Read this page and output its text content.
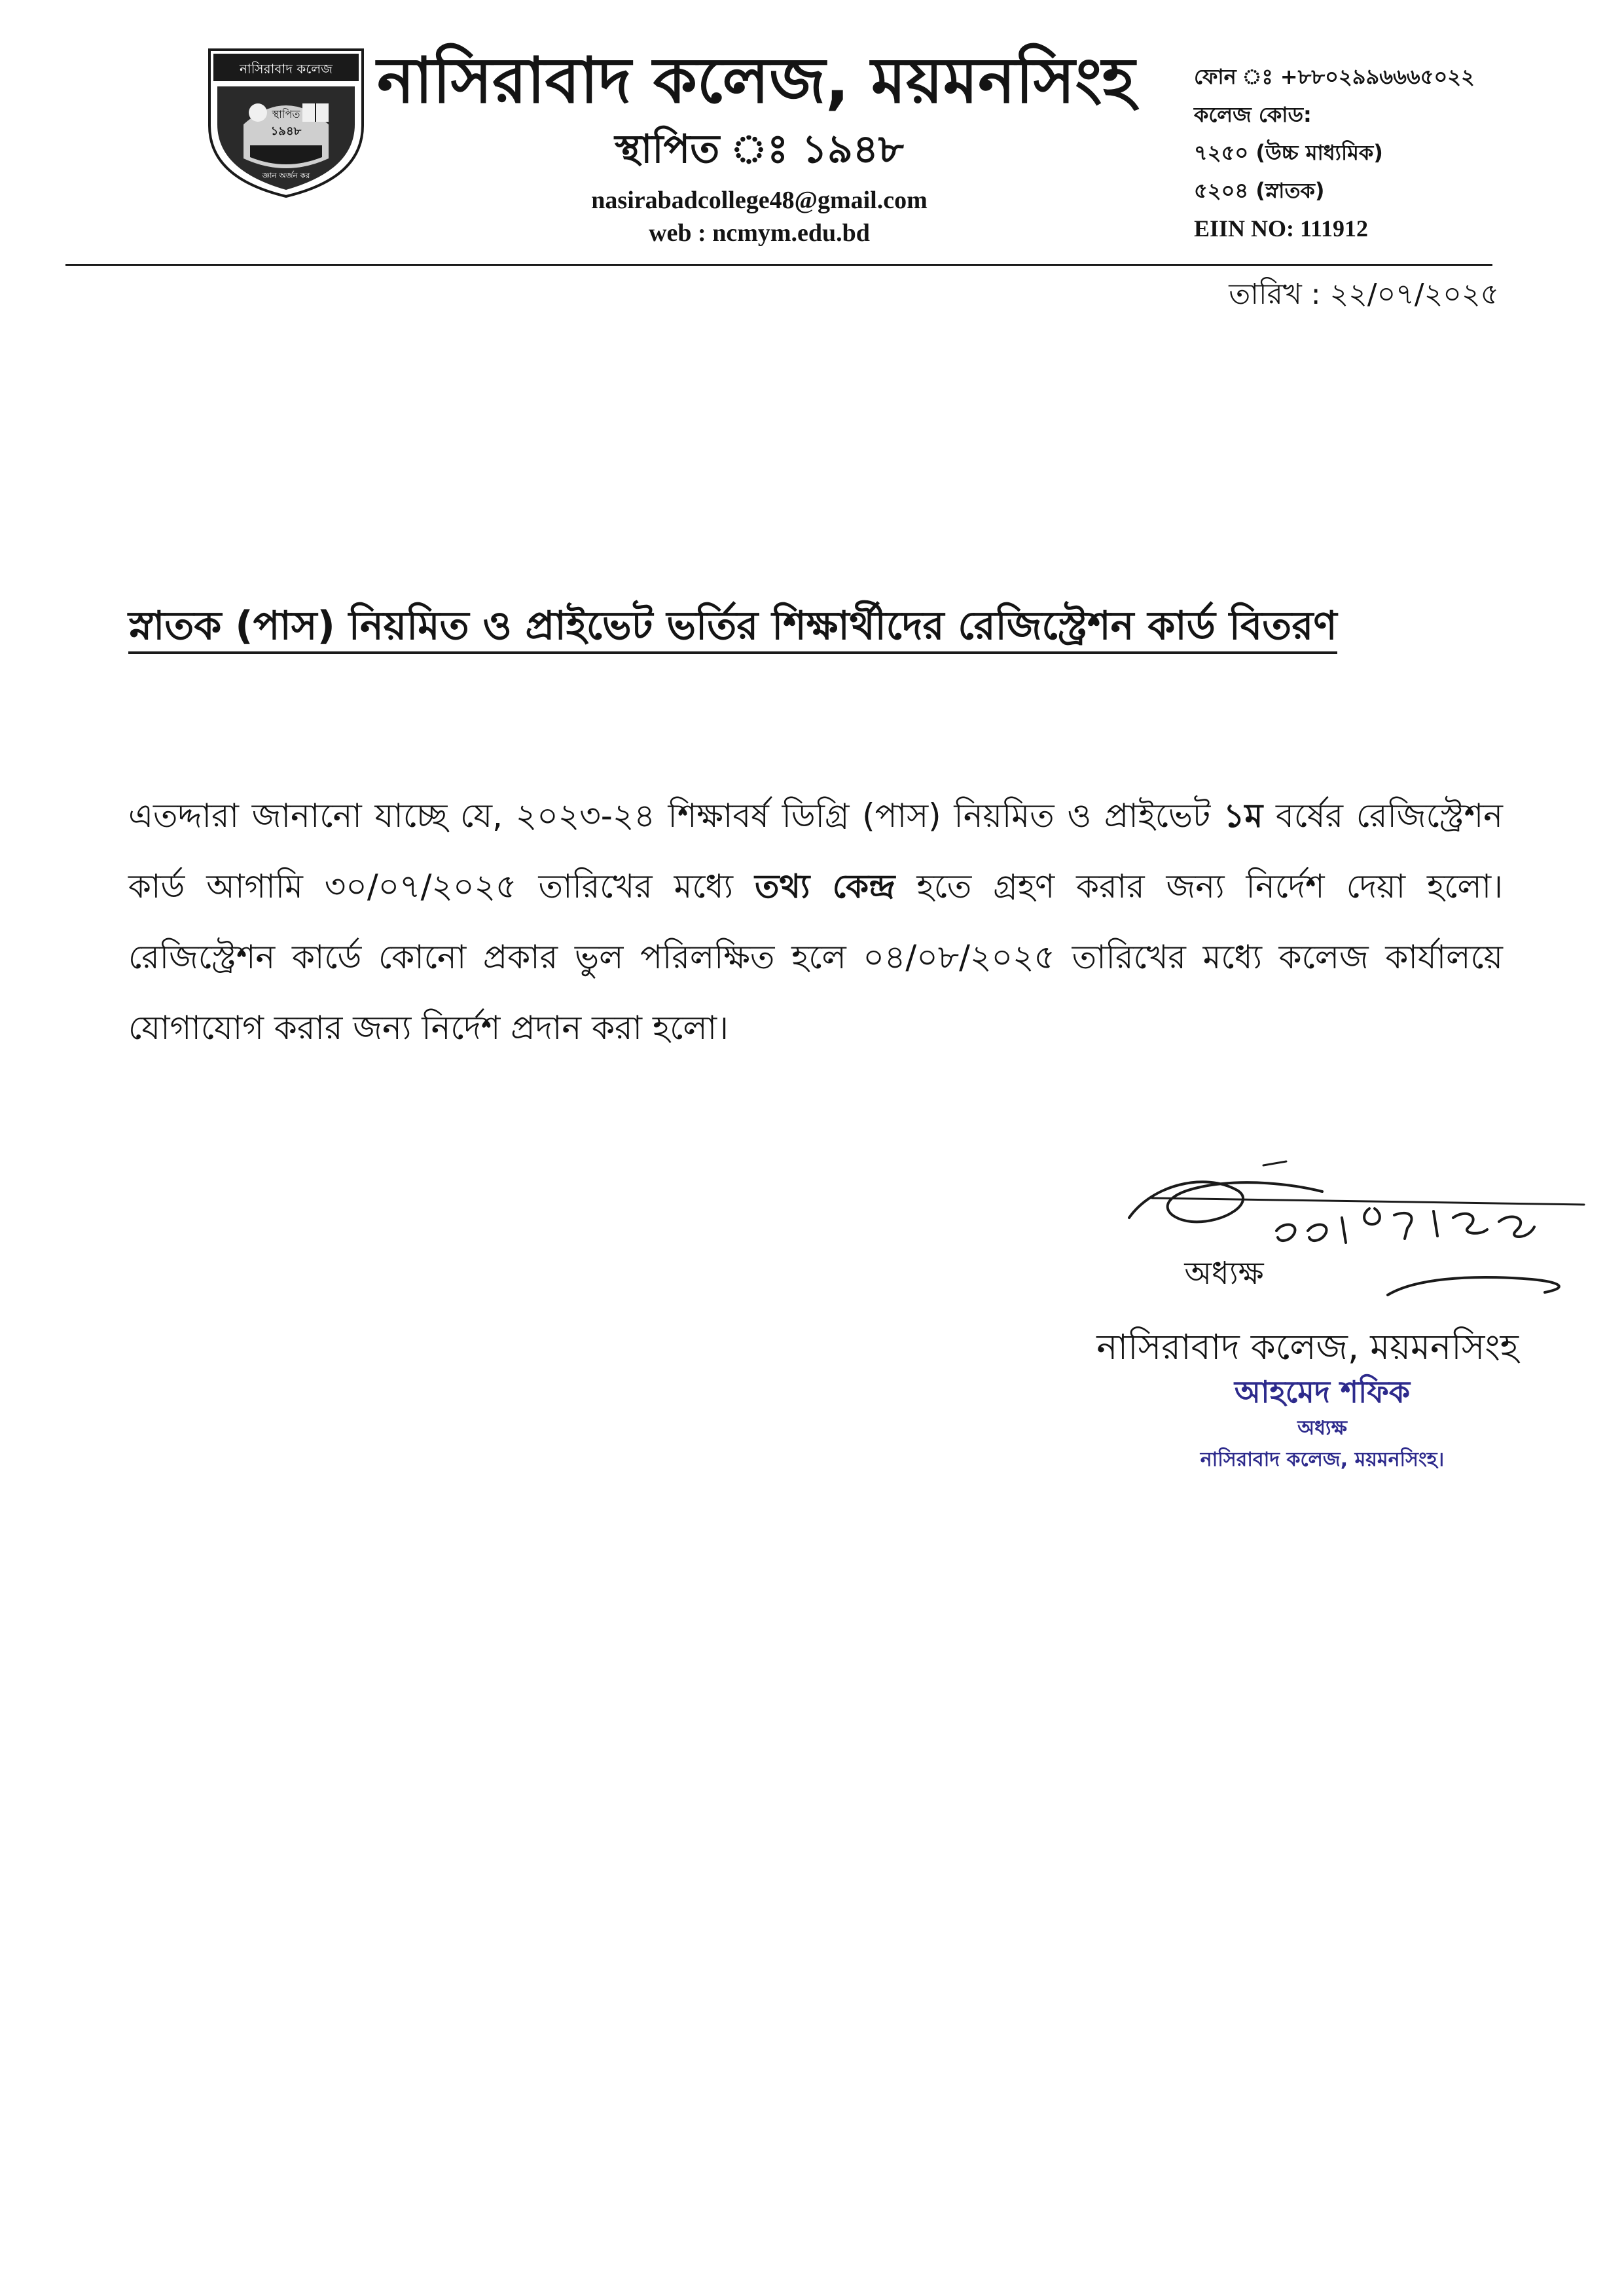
নাসিরাবাদ কলেজ
স্থাপিত
১৯৪৮
জ্ঞান অর্জন কর
নাসিরাবাদ কলেজ, ময়মনসিংহ
স্থাপিত ঃ ১৯৪৮
nasirabadcollege48@gmail.com
web : ncmym.edu.bd
ফোন ঃ +৮৮০২৯৯৬৬৬৫০২২
কলেজ কোড:
৭২৫০ (উচ্চ মাধ্যমিক)
৫২০৪ (স্নাতক)
EIIN NO: 111912
তারিখ : ২২/০৭/২০২৫
স্নাতক (পাস) নিয়মিত ও প্রাইভেট ভর্তির শিক্ষার্থীদের রেজিস্ট্রেশন কার্ড বিতরণ
এতদ্দারা জানানো যাচ্ছে যে, ২০২৩-২৪ শিক্ষাবর্ষ ডিগ্রি (পাস) নিয়মিত ও প্রাইভেট ১ম বর্ষের রেজিস্ট্রেশন কার্ড আগামি ৩০/০৭/২০২৫ তারিখের মধ্যে তথ্য কেন্দ্র হতে গ্রহণ করার জন্য নির্দেশ দেয়া হলো। রেজিস্ট্রেশন কার্ডে কোনো প্রকার ভুল পরিলক্ষিত হলে ০৪/০৮/২০২৫ তারিখের মধ্যে কলেজ কার্যালয়ে যোগাযোগ করার জন্য নির্দেশ প্রদান করা হলো।
অধ্যক্ষ
নাসিরাবাদ কলেজ, ময়মনসিংহ
আহমেদ শফিক
অধ্যক্ষ
নাসিরাবাদ কলেজ, ময়মনসিংহ।
